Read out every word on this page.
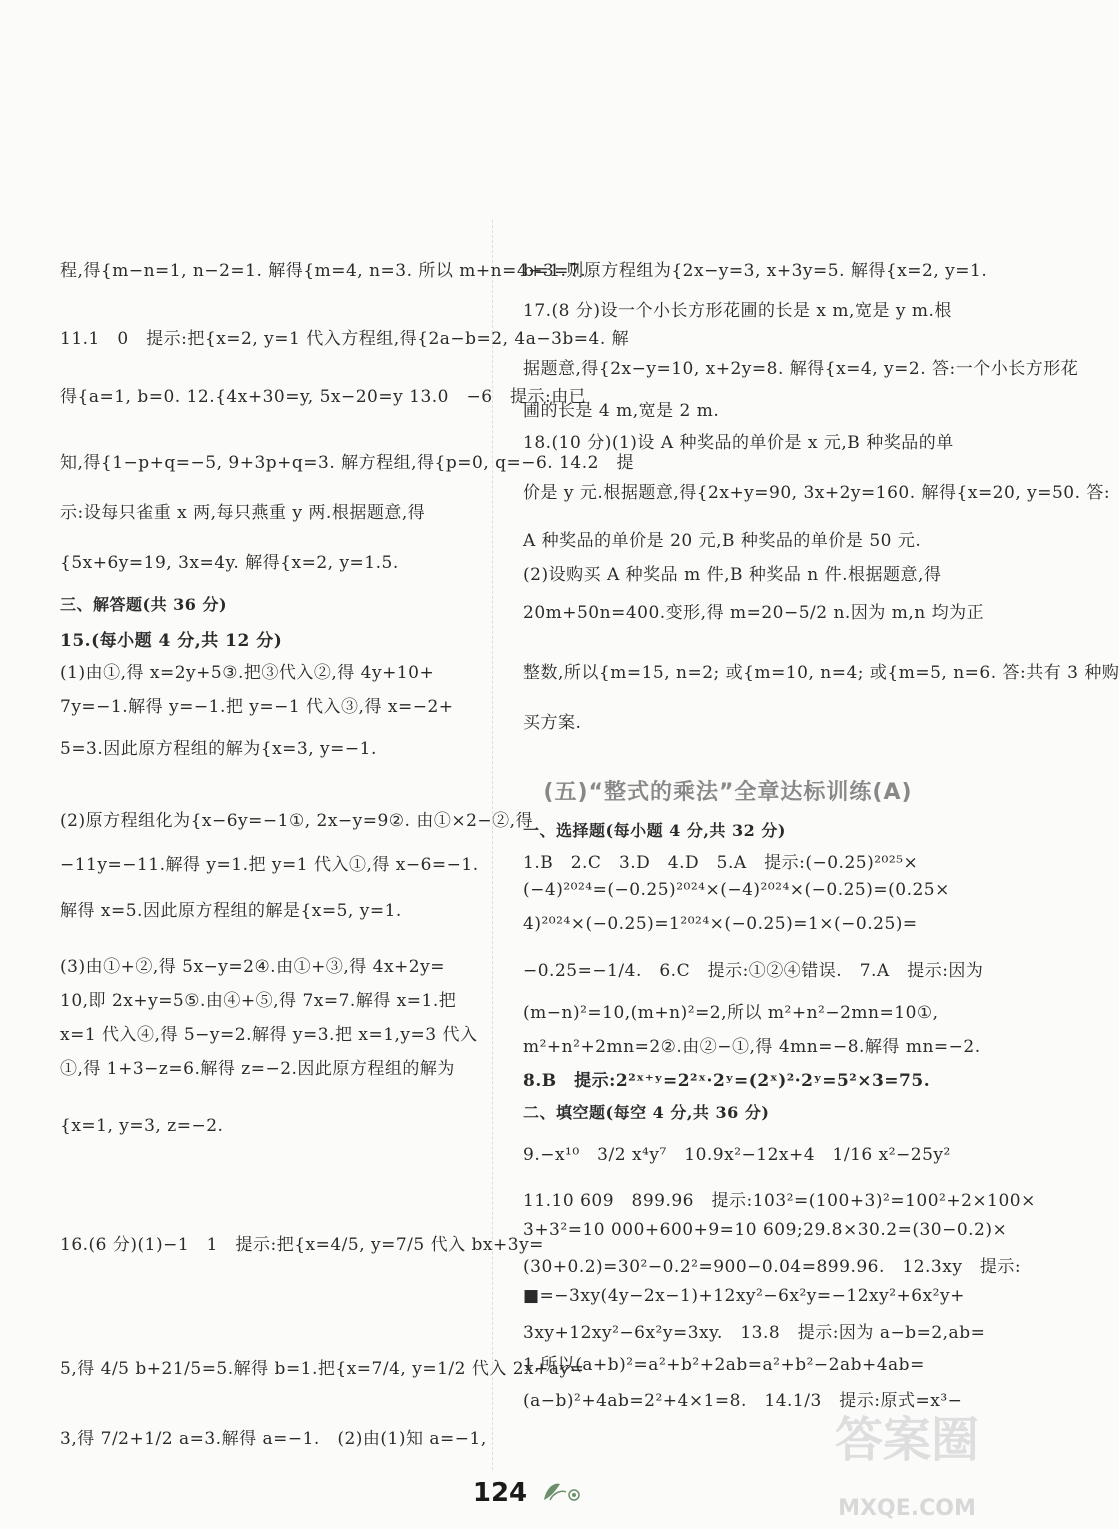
程,得{m−n=1, n−2=1. 解得{m=4, n=3. 所以 m+n=4+3=7.
11.1　0　提示:把{x=2, y=1 代入方程组,得{2a−b=2, 4a−3b=4. 解
得{a=1, b=0. 12.{4x+30=y, 5x−20=y 13.0　−6　提示:由已
知,得{1−p+q=−5, 9+3p+q=3. 解方程组,得{p=0, q=−6. 14.2　提
示:设每只雀重 x 两,每只燕重 y 两.根据题意,得
{5x+6y=19, 3x=4y. 解得{x=2, y=1.5.
三、解答题(共 36 分)
15.(每小题 4 分,共 12 分)
(1)由①,得 x=2y+5③.把③代入②,得 4y+10+
7y=−1.解得 y=−1.把 y=−1 代入③,得 x=−2+
5=3.因此原方程组的解为{x=3, y=−1.
(2)原方程组化为{x−6y=−1①, 2x−y=9②. 由①×2−②,得
−11y=−11.解得 y=1.把 y=1 代入①,得 x−6=−1.
解得 x=5.因此原方程组的解是{x=5, y=1.
(3)由①+②,得 5x−y=2④.由①+③,得 4x+2y=
10,即 2x+y=5⑤.由④+⑤,得 7x=7.解得 x=1.把
x=1 代入④,得 5−y=2.解得 y=3.把 x=1,y=3 代入
①,得 1+3−z=6.解得 z=−2.因此原方程组的解为
{x=1, y=3, z=−2.
16.(6 分)(1)−1　1　提示:把{x=4/5, y=7/5 代入 bx+3y=
5,得 4/5 b+21/5=5.解得 b=1.把{x=7/4, y=1/2 代入 2x+ay=
3,得 7/2+1/2 a=3.解得 a=−1.　(2)由(1)知 a=−1,
b=1.则原方程组为{2x−y=3, x+3y=5. 解得{x=2, y=1.
17.(8 分)设一个小长方形花圃的长是 x m,宽是 y m.根
据题意,得{2x−y=10, x+2y=8. 解得{x=4, y=2. 答:一个小长方形花
圃的长是 4 m,宽是 2 m.
18.(10 分)(1)设 A 种奖品的单价是 x 元,B 种奖品的单
价是 y 元.根据题意,得{2x+y=90, 3x+2y=160. 解得{x=20, y=50. 答:
A 种奖品的单价是 20 元,B 种奖品的单价是 50 元.
(2)设购买 A 种奖品 m 件,B 种奖品 n 件.根据题意,得
20m+50n=400.变形,得 m=20−5/2 n.因为 m,n 均为正
整数,所以{m=15, n=2; 或{m=10, n=4; 或{m=5, n=6. 答:共有 3 种购
买方案.
一、选择题(每小题 4 分,共 32 分)
1.B　2.C　3.D　4.D　5.A　提示:(−0.25)²⁰²⁵×
(−4)²⁰²⁴=(−0.25)²⁰²⁴×(−4)²⁰²⁴×(−0.25)=(0.25×
4)²⁰²⁴×(−0.25)=1²⁰²⁴×(−0.25)=1×(−0.25)=
−0.25=−1/4.　6.C　提示:①②④错误.　7.A　提示:因为
(m−n)²=10,(m+n)²=2,所以 m²+n²−2mn=10①,
m²+n²+2mn=2②.由②−①,得 4mn=−8.解得 mn=−2.
8.B　提示:2²ˣ⁺ʸ=2²ˣ·2ʸ=(2ˣ)²·2ʸ=5²×3=75.
二、填空题(每空 4 分,共 36 分)
9.−x¹⁰　3/2 x⁴y⁷　10.9x²−12x+4　1/16 x²−25y²
11.10 609　899.96　提示:103²=(100+3)²=100²+2×100×
3+3²=10 000+600+9=10 609;29.8×30.2=(30−0.2)×
(30+0.2)=30²−0.2²=900−0.04=899.96.　12.3xy　提示:
■=−3xy(4y−2x−1)+12xy²−6x²y=−12xy²+6x²y+
3xy+12xy²−6x²y=3xy.　13.8　提示:因为 a−b=2,ab=
1,所以(a+b)²=a²+b²+2ab=a²+b²−2ab+4ab=
(a−b)²+4ab=2²+4×1=8.　14.1/3　提示:原式=x³−
(五)“整式的乘法”全章达标训练(A)
124
答案圈
MXQE.COM
